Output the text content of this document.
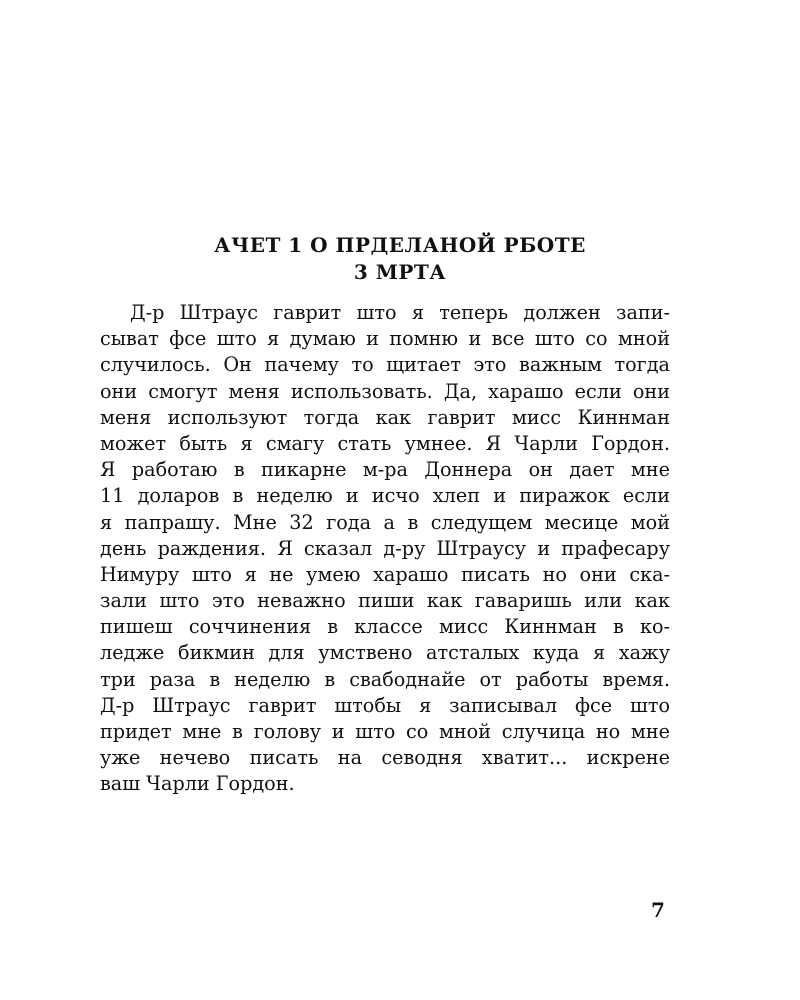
АЧЕТ 1 О ПРДЕЛАНОЙ РБОТЕ
3 МРТА
Д-р Штраус гаврит што я теперь должен запи-
сыват фсе што я думаю и помню и все што со мной
случилось. Он пачему то щитает это важным тогда
они смогут меня использовать. Да, харашо если они
меня используют тогда как гаврит мисс Киннман
может быть я смагу стать умнее. Я Чарли Гордон.
Я работаю в пикарне м-ра Доннера он дает мне
11 доларов в неделю и исчо хлеп и пиражок если
я папрашу. Мне 32 года а в следущем месице мой
день раждения. Я сказал д-ру Штраусу и прафесару
Нимуру што я не умею харашо писать но они ска-
зали што это неважно пиши как гаваришь или как
пишеш соччинения в классе мисс Киннман в ко-
ледже бикмин для умствено атсталых куда я хажу
три раза в неделю в свабоднайе от работы время.
Д-р Штраус гаврит штобы я записывал фсе што
придет мне в голову и што со мной случица но мне
уже нечево писать на севодня хватит... искрене
ваш Чарли Гордон.
7
